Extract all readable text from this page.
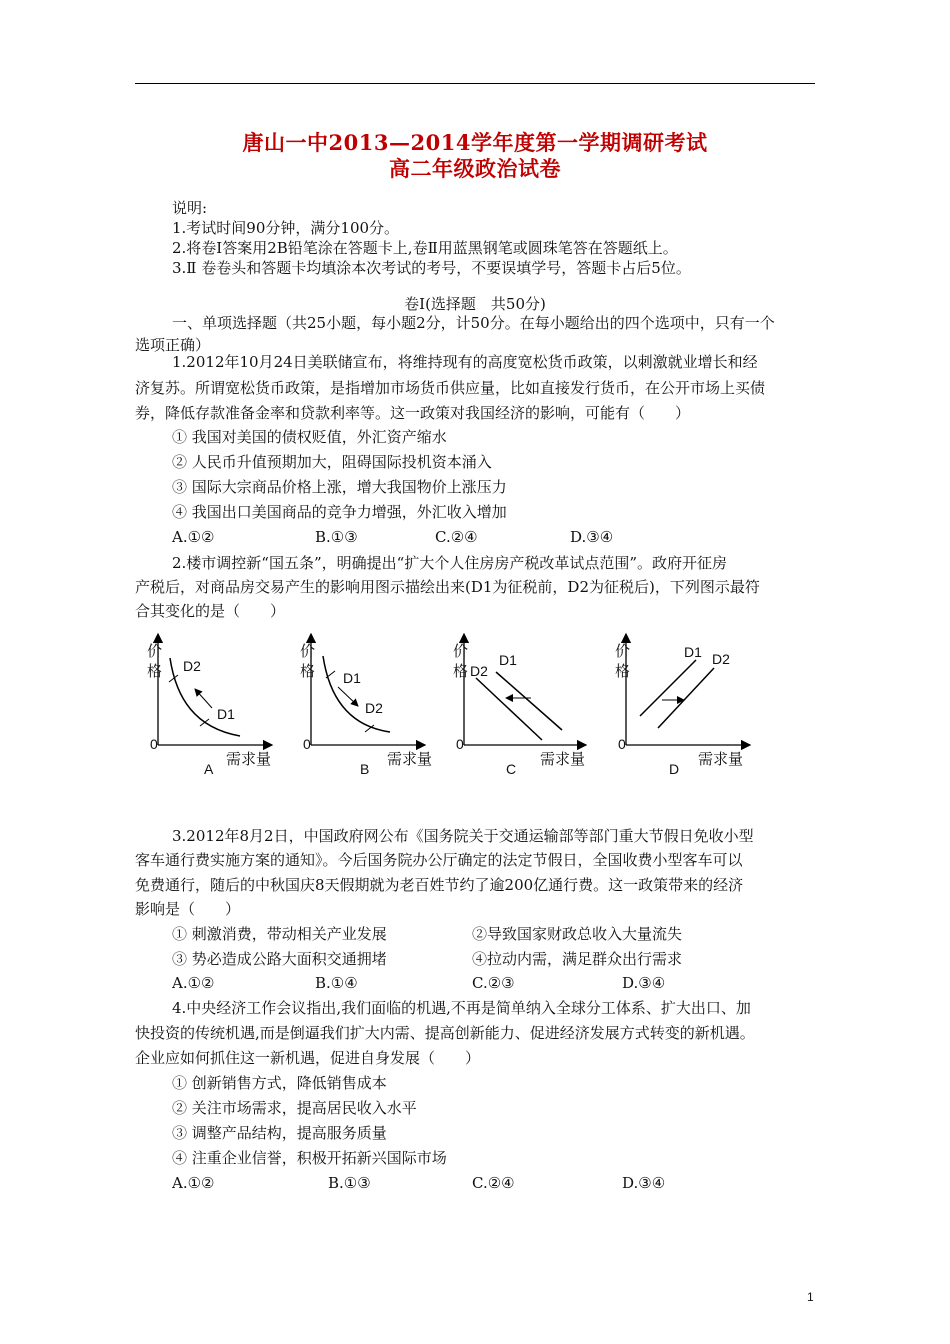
唐山一中2013—2014学年度第一学期调研考试
高二年级政治试卷
说明:
1.考试时间90分钟，满分100分。
2.将卷Ⅰ答案用2B铅笔涂在答题卡上,卷Ⅱ用蓝黑钢笔或圆珠笔答在答题纸上。
3.Ⅱ 卷卷头和答题卡均填涂本次考试的考号，不要误填学号，答题卡占后5位。
卷Ⅰ(选择题　共50分)
一、单项选择题（共25小题，每小题2分，计50分。在每小题给出的四个选项中，只有一个
选项正确）
1.2012年10月24日美联储宣布，将维持现有的高度宽松货币政策，以刺激就业增长和经
济复苏。所谓宽松货币政策，是指增加市场货币供应量，比如直接发行货币，在公开市场上买债
券，降低存款准备金率和贷款利率等。这一政策对我国经济的影响，可能有（　　）
① 我国对美国的债权贬值，外汇资产缩水
② 人民币升值预期加大，阻碍国际投机资本涌入
③ 国际大宗商品价格上涨，增大我国物价上涨压力
④ 我国出口美国商品的竞争力增强，外汇收入增加
A.①②	B.①③	C.②④	D.③④
2.楼市调控新“国五条”，明确提出“扩大个人住房房产税改革试点范围”。政府开征房
产税后，对商品房交易产生的影响用图示描绘出来(D1为征税前，D2为征税后)，下列图示最符
合其变化的是（　　）
价格
0
D2
D1
需求量
A
价格
0
D1
D2
需求量
B
价格
0
D1
D2
需求量
C
价格
0
D1 D2
需求量
D
3.2012年8月2日，中国政府网公布《国务院关于交通运输部等部门重大节假日免收小型
客车通行费实施方案的通知》。今后国务院办公厅确定的法定节假日，全国收费小型客车可以
免费通行，随后的中秋国庆8天假期就为老百姓节约了逾200亿通行费。这一政策带来的经济
影响是（　　）
① 刺激消费，带动相关产业发展	②导致国家财政总收入大量流失
③ 势必造成公路大面积交通拥堵	④拉动内需，满足群众出行需求
A.①②	B.①④	C.②③	D.③④
4.中央经济工作会议指出,我们面临的机遇,不再是简单纳入全球分工体系、扩大出口、加
快投资的传统机遇,而是倒逼我们扩大内需、提高创新能力、促进经济发展方式转变的新机遇。
企业应如何抓住这一新机遇，促进自身发展（　　）
① 创新销售方式，降低销售成本
② 关注市场需求，提高居民收入水平
③ 调整产品结构，提高服务质量
④ 注重企业信誉，积极开拓新兴国际市场
A.①②	B.①③	C.②④	D.③④
1
